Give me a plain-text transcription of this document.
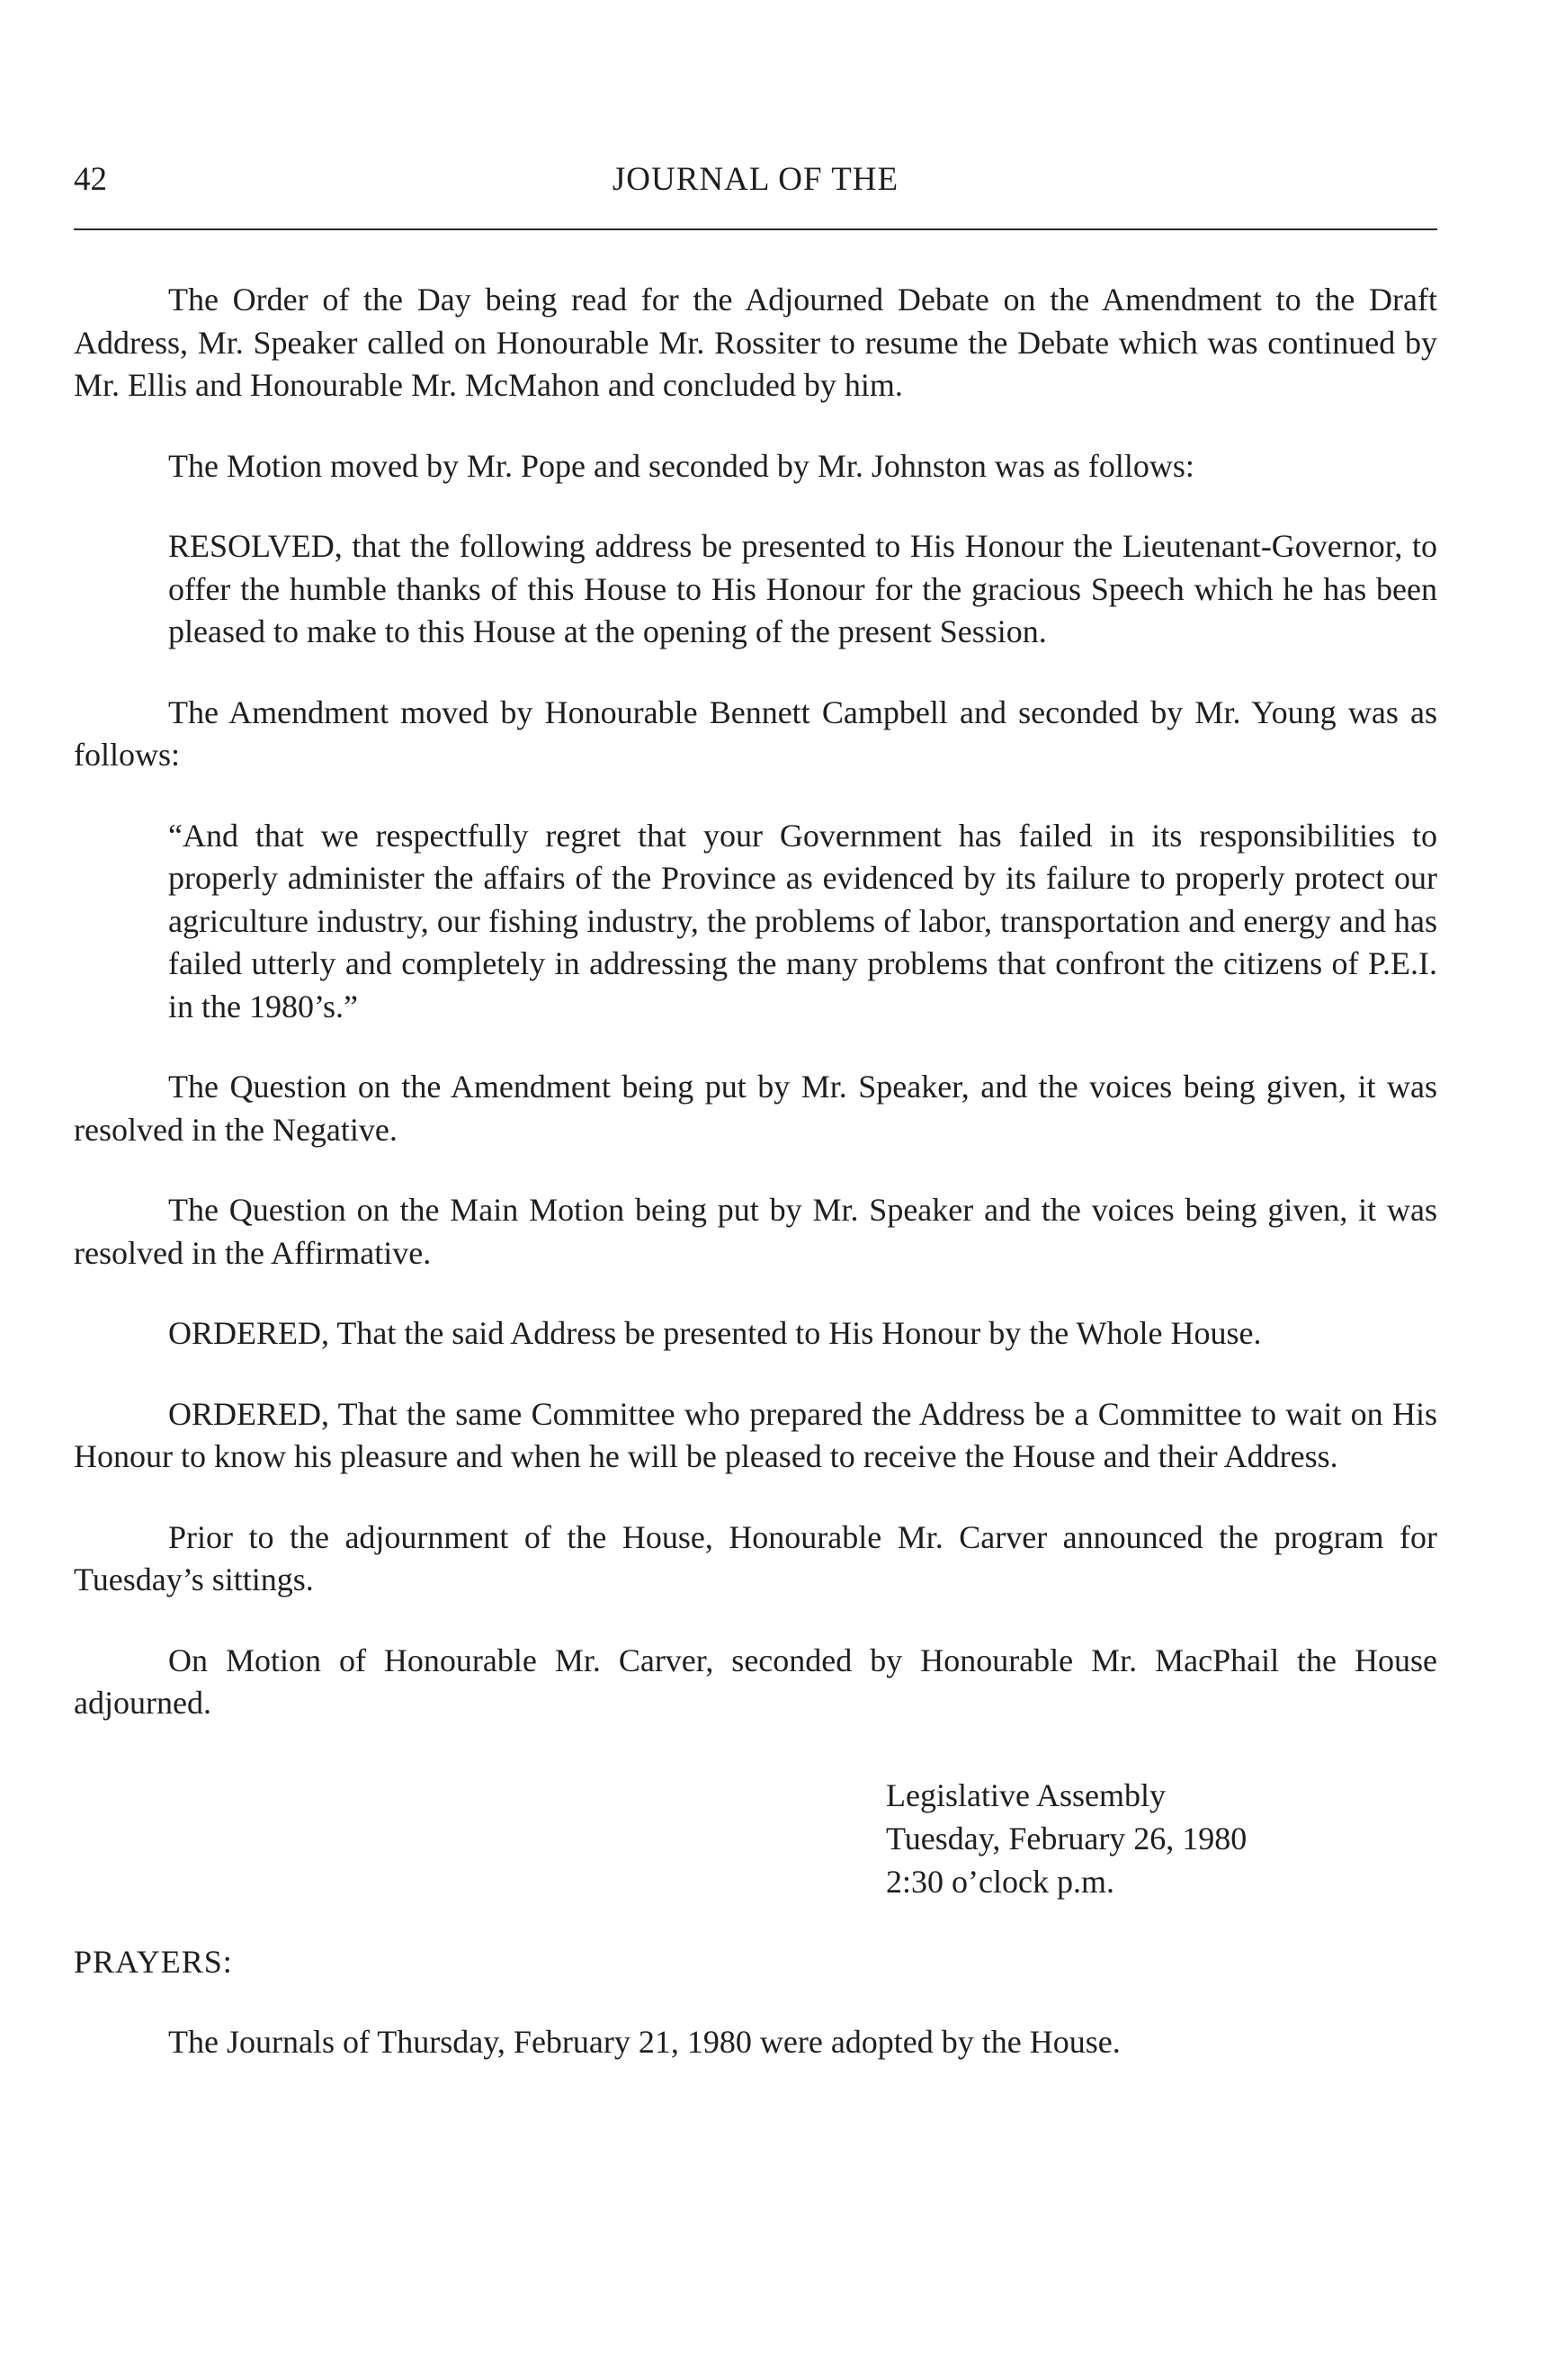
42	JOURNAL OF THE

The Order of the Day being read for the Adjourned Debate on the Amendment to the Draft Address, Mr. Speaker called on Honourable Mr. Rossiter to resume the Debate which was continued by Mr. Ellis and Honourable Mr. McMahon and concluded by him.

The Motion moved by Mr. Pope and seconded by Mr. Johnston was as follows:

RESOLVED, that the following address be presented to His Honour the Lieutenant-Governor, to offer the humble thanks of this House to His Honour for the gracious Speech which he has been pleased to make to this House at the opening of the present Session.

The Amendment moved by Honourable Bennett Campbell and seconded by Mr. Young was as follows:

“And that we respectfully regret that your Government has failed in its responsibilities to properly administer the affairs of the Province as evidenced by its failure to properly protect our agriculture industry, our fishing industry, the problems of labor, transportation and energy and has failed utterly and completely in addressing the many problems that confront the citizens of P.E.I. in the 1980’s.”

The Question on the Amendment being put by Mr. Speaker, and the voices being given, it was resolved in the Negative.

The Question on the Main Motion being put by Mr. Speaker and the voices being given, it was resolved in the Affirmative.

ORDERED, That the said Address be presented to His Honour by the Whole House.

ORDERED, That the same Committee who prepared the Address be a Committee to wait on His Honour to know his pleasure and when he will be pleased to receive the House and their Address.

Prior to the adjournment of the House, Honourable Mr. Carver announced the program for Tuesday’s sittings.

On Motion of Honourable Mr. Carver, seconded by Honourable Mr. MacPhail the House adjourned.

Legislative Assembly
Tuesday, February 26, 1980
2:30 o’clock p.m.
PRAYERS:

The Journals of Thursday, February 21, 1980 were adopted by the House.
